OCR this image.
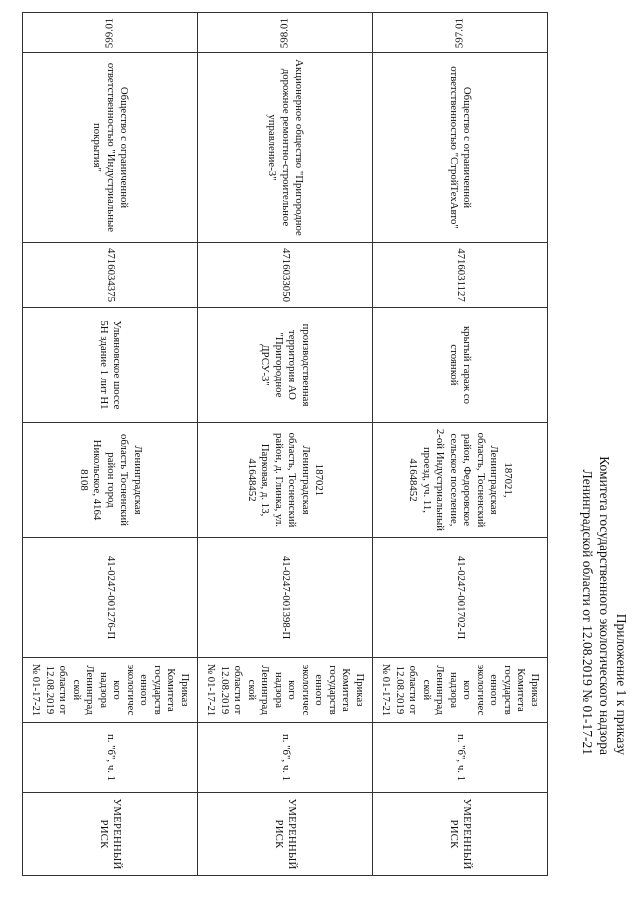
Приложение 1 к приказу
Комитета государственного экологического надзора
Ленинградской области от 12.08.2019 № 01-17-21
597.01	Общество с ограниченной ответственностью "СтройТехАвто"	4716031127	крытый гараж со стоянкой	187021, Ленинградская область, Тосненский район, Федоровское сельское поселение, 2-ой Индустриальный проезд, уч. 11, 41648452	41-0247-001702-П	Приказ Комитета государств енного экологичес кого надзора Ленинград ской области от 12.08.2019 № 01-17-21	п. "б", ч. 1	УМЕРЕННЫЙ РИСК
598.01	Акционерное общество "Пригородное дорожное ремонтно-строительное управление-3"	4716033050	производственная территория АО "Пригородное ДРСУ-3"	187021 Ленинградская область, Тосненский район, д. Глинка, ул. Парковая, д. 13, 41648452	41-0247-001398-П	Приказ Комитета государств енного экологичес кого надзора Ленинград ской области от 12.08.2019 № 01-17-21	п. "б", ч. 1	УМЕРЕННЫЙ РИСК
599.01	Общество с ограниченной ответственностью "Индустриальные покрытия"	4716034375	Ульяновское шоссе 5Н здание 1 лит Н1	Ленинградская область Тосненский район город Никольское, 4164 8108	41-0247-001276-П	Приказ Комитета государств енного экологичес кого надзора Ленинград ской области от 12.08.2019 № 01-17-21	п. "б", ч. 1	УМЕРЕННЫЙ РИСК
